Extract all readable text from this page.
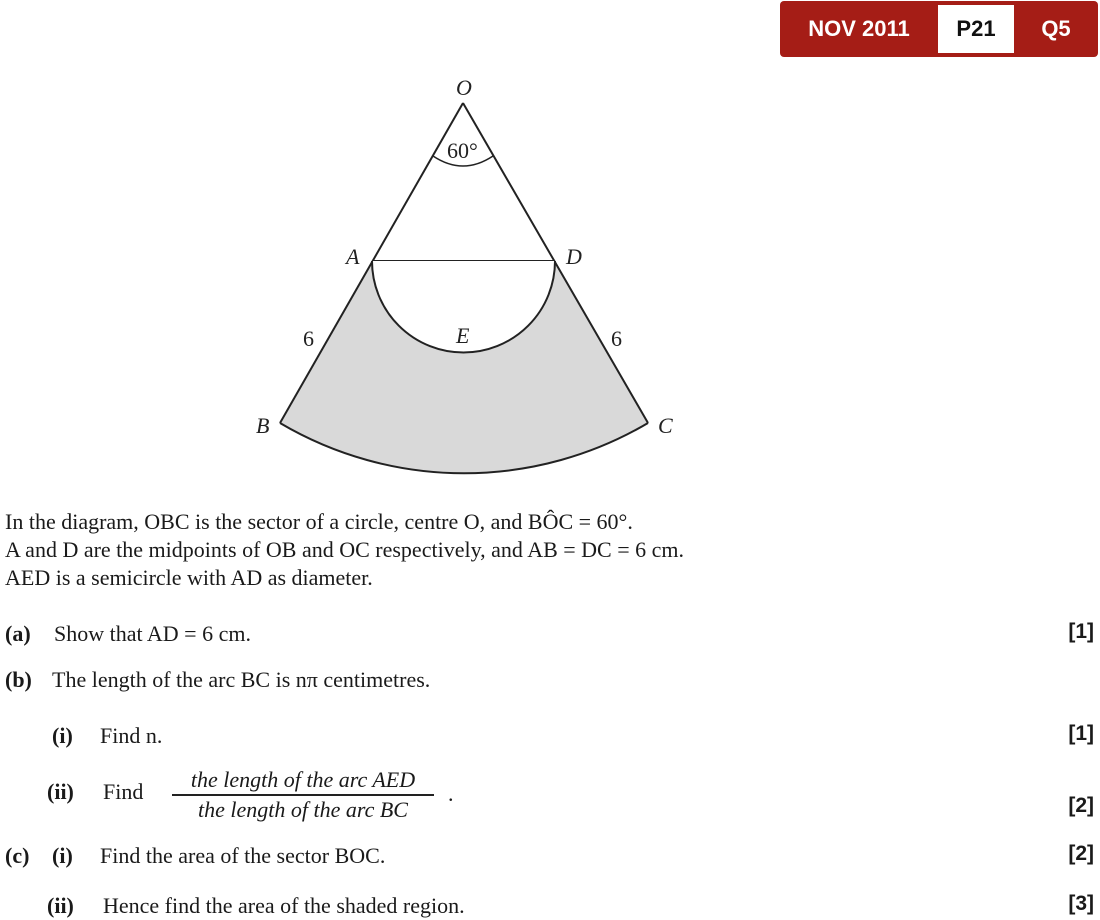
NOV 2011	P21	Q5
O
60°
A	D
6	E	6
B	C
In the diagram, OBC is the sector of a circle, centre O, and BÔC = 60°.
A and D are the midpoints of OB and OC respectively, and AB = DC = 6 cm.
AED is a semicircle with AD as diameter.
(a) Show that AD = 6 cm.	[1]
(b) The length of the arc BC is nπ centimetres.
(i) Find n.	[1]
(ii) Find	the length of the arc AED
the length of the arc BC
.	[2]
(c) (i) Find the area of the sector BOC.	[2]
(ii) Hence find the area of the shaded region.	[3]
